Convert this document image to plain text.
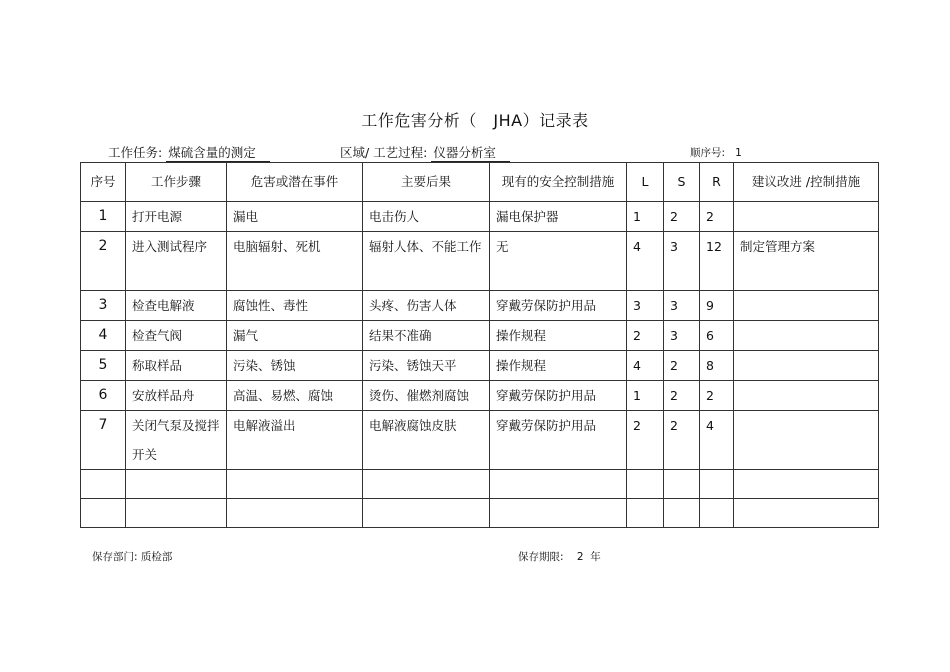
工作危害分析（　JHA）记录表
工作任务: 煤硫含量的测定	区域/ 工艺过程: 仪器分析室	顺序号: 1
序号	工作步骤	危害或潜在事件	主要后果	现有的安全控制措施	L	S	R	建议改进 /控制措施
1	打开电源	漏电	电击伤人	漏电保护器	1	2	2	
2	进入测试程序	电脑辐射、死机	辐射人体、不能工作	无	4	3	12	制定管理方案
3	检查电解液	腐蚀性、毒性	头疼、伤害人体	穿戴劳保防护用品	3	3	9	
4	检查气阀	漏气	结果不准确	操作规程	2	3	6	
5	称取样品	污染、锈蚀	污染、锈蚀天平	操作规程	4	2	8	
6	安放样品舟	高温、易燃、腐蚀	烫伤、催燃剂腐蚀	穿戴劳保防护用品	1	2	2	
7	关闭气泵及搅拌开关	电解液溢出	电解液腐蚀皮肤	穿戴劳保防护用品	2	2	4	

保存部门: 质检部	保存期限: 2 年
